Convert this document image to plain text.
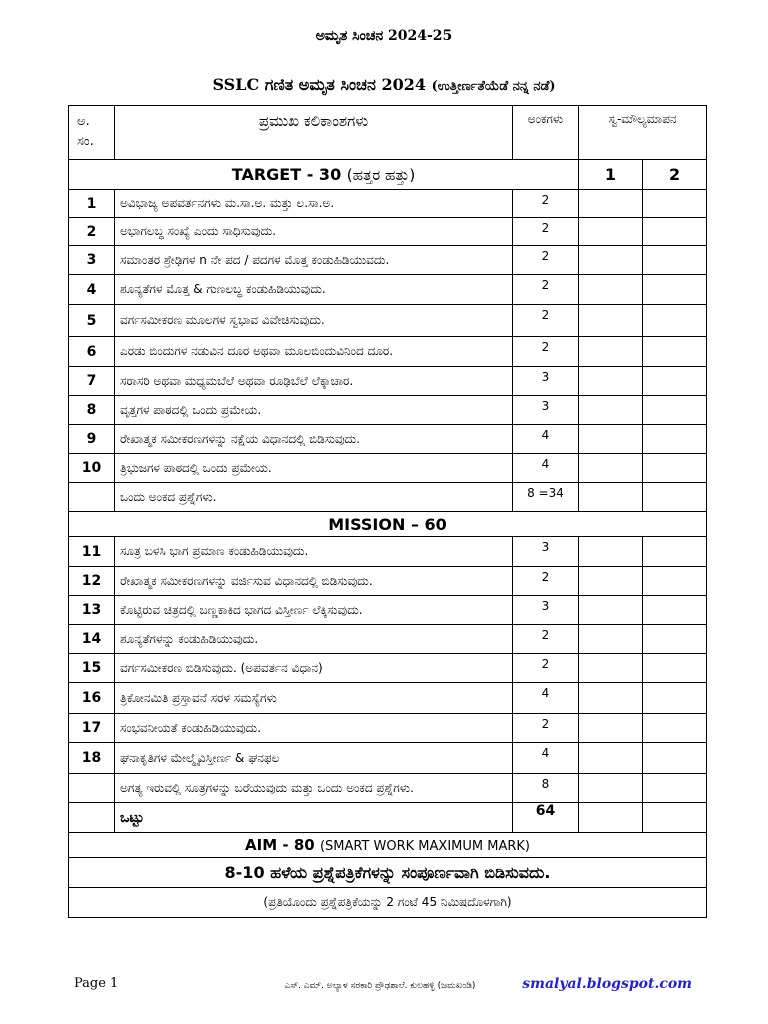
ಅಮೃತ ಸಿಂಚನ 2024-25
SSLC ಗಣಿತ ಅಮೃತ ಸಿಂಚನ 2024 (ಉತ್ತೀರ್ಣತೆಯೆಡೆ ನನ್ನ ನಡೆ)
ಅ.
ಸಂ.	ಪ್ರಮುಖ ಕಲಿಕಾಂಶಗಳು	ಅಂಕಗಳು	ಸ್ವ-ಮೌಲ್ಯಮಾಪನ	
TARGET - 30 (ಹತ್ತರ ಹತ್ತು)			1	2
1	ಅವಿಭಾಜ್ಯ ಅಪವರ್ತನಗಳು ಮ.ಸಾ.ಅ. ಮತ್ತು ಲ.ಸಾ.ಅ.	2		
2	ಅಭಾಗಲಬ್ಧ ಸಂಖ್ಯೆ ಎಂದು ಸಾಧಿಸುವುದು.	2		
3	ಸಮಾಂತರ ಶ್ರೇಢಿಗಳ n ನೇ ಪದ / ಪದಗಳ ಮೊತ್ತ ಕಂಡುಹಿಡಿಯುವದು.	2		
4	ಶೂನ್ಯತೆಗಳ ಮೊತ್ತ & ಗುಣಲಬ್ಧ ಕಂಡುಹಿಡಿಯುವುದು.	2		
5	ವರ್ಗಸಮೀಕರಣ ಮೂಲಗಳ ಸ್ವಭಾವ ವಿವೇಚಿಸುವುದು.	2		
6	ಎರಡು ಬಿಂದುಗಳ ನಡುವಿನ ದೂರ ಅಥವಾ ಮೂಲಬಿಂದುವಿನಿಂದ ದೂರ.	2		
7	ಸರಾಸರಿ ಅಥವಾ ಮಧ್ಯಮಬೆಲೆ ಅಥವಾ ರೂಢಿಬೆಲೆ ಲೆಕ್ಕಾಚಾರ.	3		
8	ವೃತ್ತಗಳ ಪಾಠದಲ್ಲಿ ಒಂದು ಪ್ರಮೇಯ.	3		
9	ರೇಖಾತ್ಮಕ ಸಮೀಕರಣಗಳನ್ನು ನಕ್ಷೆಯ ವಿಧಾನದಲ್ಲಿ ಬಿಡಿಸುವುದು.	4		
10	ತ್ರಿಭುಜಗಳ ಪಾಠದಲ್ಲಿ ಒಂದು ಪ್ರಮೇಯ.	4		
	ಒಂದು ಅಂಕದ ಪ್ರಶ್ನೆಗಳು.	8 =34		
MISSION – 60				
11	ಸೂತ್ರ ಬಳಸಿ ಭಾಗ ಪ್ರಮಾಣ ಕಂಡುಹಿಡಿಯುವುದು.	3		
12	ರೇಖಾತ್ಮಕ ಸಮೀಕರಣಗಳನ್ನು ವರ್ಜಿಸುವ ವಿಧಾನದಲ್ಲಿ ಬಿಡಿಸುವುದು.	2		
13	ಕೊಟ್ಟಿರುವ ಚಿತ್ರದಲ್ಲಿ ಬಣ್ಣಕಾಕಿದ ಭಾಗದ ವಿಸ್ತೀರ್ಣ ಲೆಕ್ಕಿಸುವುದು.	3		
14	ಶೂನ್ಯತೆಗಳನ್ನು ಕಂಡುಹಿಡಿಯುವುದು.	2		
15	ವರ್ಗಸಮೀಕರಣ ಬಿಡಿಸುವುದು. (ಅಪವರ್ತನ ವಿಧಾನ)	2		
16	ತ್ರಿಕೋನಮಿತಿ ಪ್ರಸ್ತಾವನೆ ಸರಳ ಸಮಸ್ಯೆಗಳು	4		
17	ಸಂಭವನೀಯತೆ ಕಂಡುಹಿಡಿಯುವುದು.	2		
18	ಘನಾಕೃತಿಗಳ ಮೇಲ್ಮೈವಿಸ್ತೀರ್ಣ & ಘನಫಲ	4		
	ಅಗತ್ಯ ಇರುವಲ್ಲಿ ಸೂತ್ರಗಳನ್ನು ಬರೆಯುವುದು ಮತ್ತು ಒಂದು ಅಂಕದ ಪ್ರಶ್ನೆಗಳು.	8		
	ಒಟ್ಟು	64		
AIM - 80 (SMART WORK MAXIMUM MARK)				
8-10 ಹಳೆಯ ಪ್ರಶ್ನೆಪತ್ರಿಕೆಗಳನ್ನು ಸಂಪೂರ್ಣವಾಗಿ ಬಿಡಿಸುವದು.				
(ಪ್ರತಿಯೊಂದು ಪ್ರಶ್ನೆಪತ್ರಿಕೆಯನ್ನು 2 ಗಂಟೆ 45 ನಿಮಿಷದೊಳಗಾಗಿ)				
Page 1	ಎಸ್. ಎಮ್. ಅಲ್ಯಾಳ ಸರಕಾರಿ ಪ್ರೌಢಶಾಲೆ. ಕುಲಹಳ್ಳಿ (ಜಮಖಂಡಿ)	smalyal.blogspot.com
